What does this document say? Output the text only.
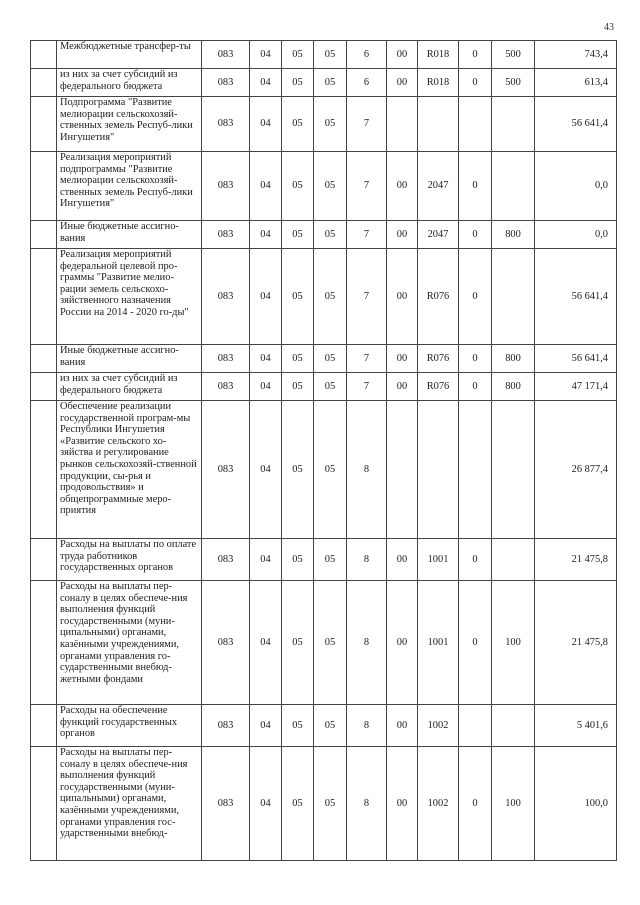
43
	Межбюджетные трансфер-ты	083	04	05	05	6	00	R018	0	500	743,4
	из них за счет субсидий из федерального бюджета	083	04	05	05	6	00	R018	0	500	613,4
	Подпрограмма "Развитие мелиорации сельскохозяй-ственных земель Респуб-лики Ингушетия"	083	04	05	05	7					56 641,4
	Реализация мероприятий подпрограммы "Развитие мелиорации сельскохозяй-ственных земель Респуб-лики Ингушетия"	083	04	05	05	7	00	2047	0		0,0
	Иные бюджетные ассигно-вания	083	04	05	05	7	00	2047	0	800	0,0
	Реализация мероприятий федеральной целевой про-граммы "Развитие мелио-рации земель сельскохо-зяйственного назначения России на 2014 - 2020 го-ды"	083	04	05	05	7	00	R076	0		56 641,4
	Иные бюджетные ассигно-вания	083	04	05	05	7	00	R076	0	800	56 641,4
	из них за счет субсидий из федерального бюджета	083	04	05	05	7	00	R076	0	800	47 171,4
	Обеспечение реализации государственной програм-мы Республики Ингушетия «Развитие сельского хо-зяйства и регулирование рынков сельскохозяй-ственной продукции, сы-рья и продовольствия» и общепрограммные меро-приятия	083	04	05	05	8					26 877,4
	Расходы на выплаты по оплате труда работников государственных органов	083	04	05	05	8	00	1001	0		21 475,8
	Расходы на выплаты пер-соналу в целях обеспече-ния выполнения функций государственными (муни-ципальными) органами, казёнными учреждениями, органами управления го-сударственными внебюд-жетными фондами	083	04	05	05	8	00	1001	0	100	21 475,8
	Расходы на обеспечение функций государственных органов	083	04	05	05	8	00	1002			5 401,6
	Расходы на выплаты пер-соналу в целях обеспече-ния выполнения функций государственными (муни-ципальными) органами, казёнными учреждениями, органами управления гос-ударственными внебюд-	083	04	05	05	8	00	1002	0	100	100,0
